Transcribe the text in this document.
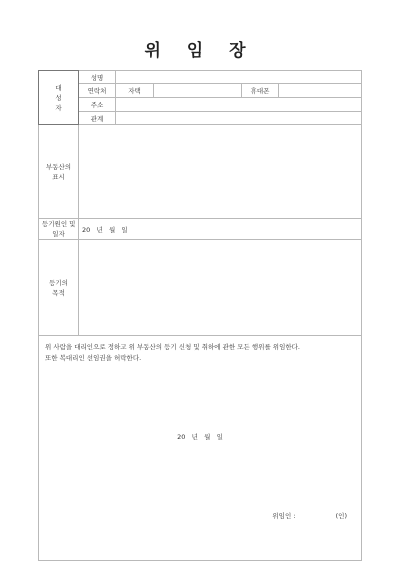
위 임 장
대
성
자	성명				
	연락처	자택		휴대폰	
	주소				
	관계				
부동산의
표시					
등기원인 및
일자	20   년   월   일				
등기의
목적					

위 사람을 대리인으로 정하고 위 부동산의 등기 신청 및 취하에 관한 모든 행위를 위임한다.
또한 복대리인 선임권을 허락한다.
20   년   월   일
위임인 : (인)					
